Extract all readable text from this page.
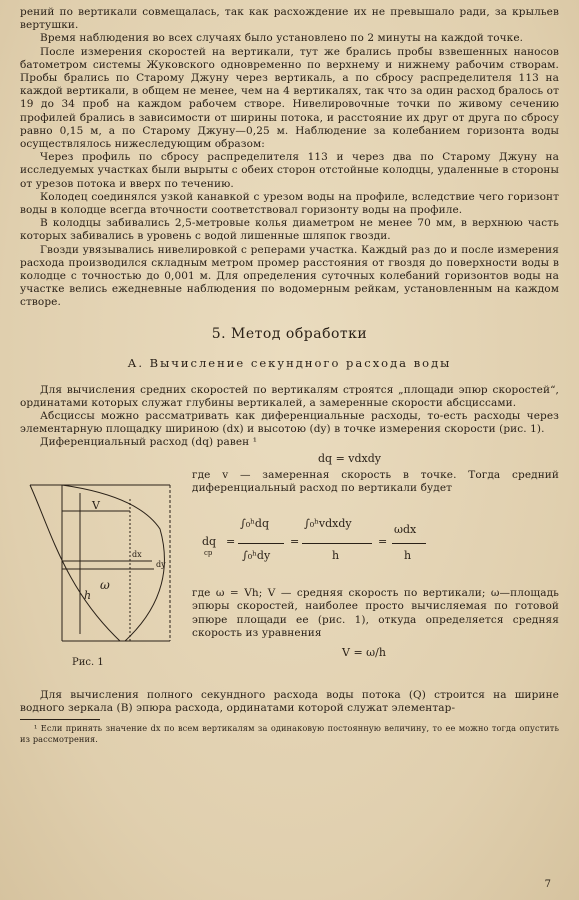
рений по вертикали совмещалась, так как расхождение их не превышало ради, за крыльев вертушки.

Время наблюдения во всех случаях было установлено по 2 минуты на каждой точке.

После измерения скоростей на вертикали, тут же брались пробы взвешенных наносов батометром системы Жуковского одновременно по верхнему и нижнему рабочим створам. Пробы брались по Старому Джуну через вертикаль, а по сбросу распределителя 113 на каждой вертикали, в общем не менее, чем на 4 вертикалях, так что за один расход бралось от 19 до 34 проб на каждом рабочем створе. Нивелировочные точки по живому сечению профилей брались в зависимости от ширины потока, и расстояние их друг от друга по сбросу равно 0,15 м, а по Старому Джуну—0,25 м. Наблюдение за колебанием горизонта воды осуществлялось нижеследующим образом:

Через профиль по сбросу распределителя 113 и через два по Старому Джуну на исследуемых участках были вырыты с обеих сторон отстойные колодцы, удаленные в стороны от урезов потока и вверх по течению.

Колодец соединялся узкой канавкой с урезом воды на профиле, вследствие чего горизонт воды в колодце всегда вточности соответствовал горизонту воды на профиле.

В колодцы забивались 2,5-метровые колья диаметром не менее 70 мм, в верхнюю часть которых забивались в уровень с водой лишенные шляпок гвозди.

Гвозди увязывались нивелировкой с реперами участка. Каждый раз до и после измерения расхода производился складным метром промер расстояния от гвоздя до поверхности воды в колодце с точностью до 0,001 м. Для определения суточных колебаний горизонтов воды на участке велись ежедневные наблюдения по водомерным рейкам, установленным на каждом створе.

5. Метод обработки
А. Вычисление секундного расхода воды

Для вычисления средних скоростей по вертикалям строятся „площади эпюр скоростей“, ординатами которых служат глубины вертикалей, а замеренные скорости абсциссами.

Абсциссы можно рассматривать как диференциальные расходы, то-есть расходы через элементарную площадку шириною (dx) и высотою (dy) в точке измерения скорости (рис. 1).

Диференциальный расход (dq) равен ¹

dq = vdxdy
V
h
ω
dy
dx
Рис. 1

где v — замеренная скорость в точке. Тогда средний диференциальный расход по вертикали будет

dq
ср
=
∫₀ʰdq
∫₀ʰdy
=
∫₀ʰvdxdy
h
=
ωdx
h

где ω = Vh; V — средняя скорость по вертикали; ω—площадь эпюры скоростей, наиболее просто вычисляемая по готовой эпюре площади ее (рис. 1), откуда определяется средняя скорость из уравнения

V = ω/h

Для вычисления полного секундного расхода воды потока (Q) строится на ширине водного зеркала (В) эпюра расхода, ординатами которой служат элементар-

¹ Если принять значение dx по всем вертикалям за одинаковую постоянную величину, то ее можно тогда опустить из рассмотрения.

7
